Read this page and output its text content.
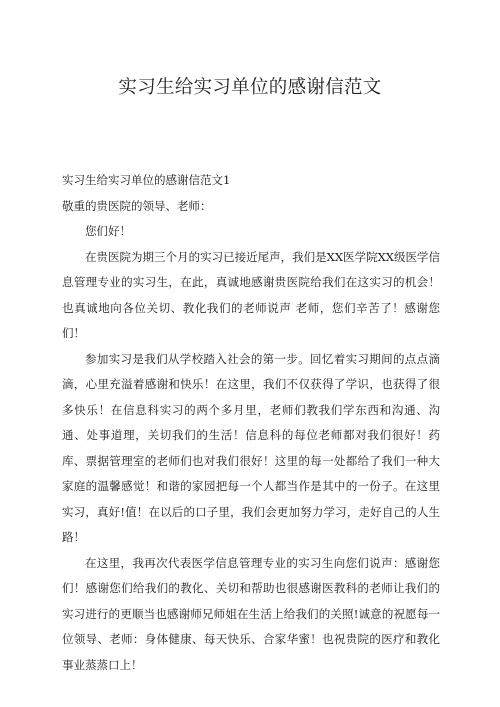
实习生给实习单位的感谢信范文

实习生给实习单位的感谢信范文1

敬重的贵医院的领导、老师：

您们好！

在贵医院为期三个月的实习已接近尾声，我们是XX医学院XX级医学信息管理专业的实习生，在此，真诚地感谢贵医院给我们在这实习的机会！也真诚地向各位关切、教化我们的老师说声 老师，您们辛苦了！感谢您们！

参加实习是我们从学校踏入社会的第一步。回忆着实习期间的点点滴滴，心里充溢着感谢和快乐！在这里，我们不仅获得了学识，也获得了很多快乐！在信息科实习的两个多月里，老师们教我们学东西和沟通、沟通、处事道理，关切我们的生活！信息科的每位老师都对我们很好！药库、票据管理室的老师们也对我们很好！这里的每一处都给了我们一种大家庭的温馨感觉！和谐的家园把每一个人都当作是其中的一份子。在这里实习，真好!值！在以后的口子里，我们会更加努力学习，走好自己的人生路！

在这里，我再次代表医学信息管理专业的实习生向您们说声：感谢您们！感谢您们给我们的教化、关切和帮助也很感谢医教科的老师让我们的实习进行的更顺当也感谢师兄师姐在生活上给我们的关照!诚意的祝愿每一位领导、老师：身体健康、每天快乐、合家华蜜！也祝贵院的医疗和教化事业蒸蒸口上！
